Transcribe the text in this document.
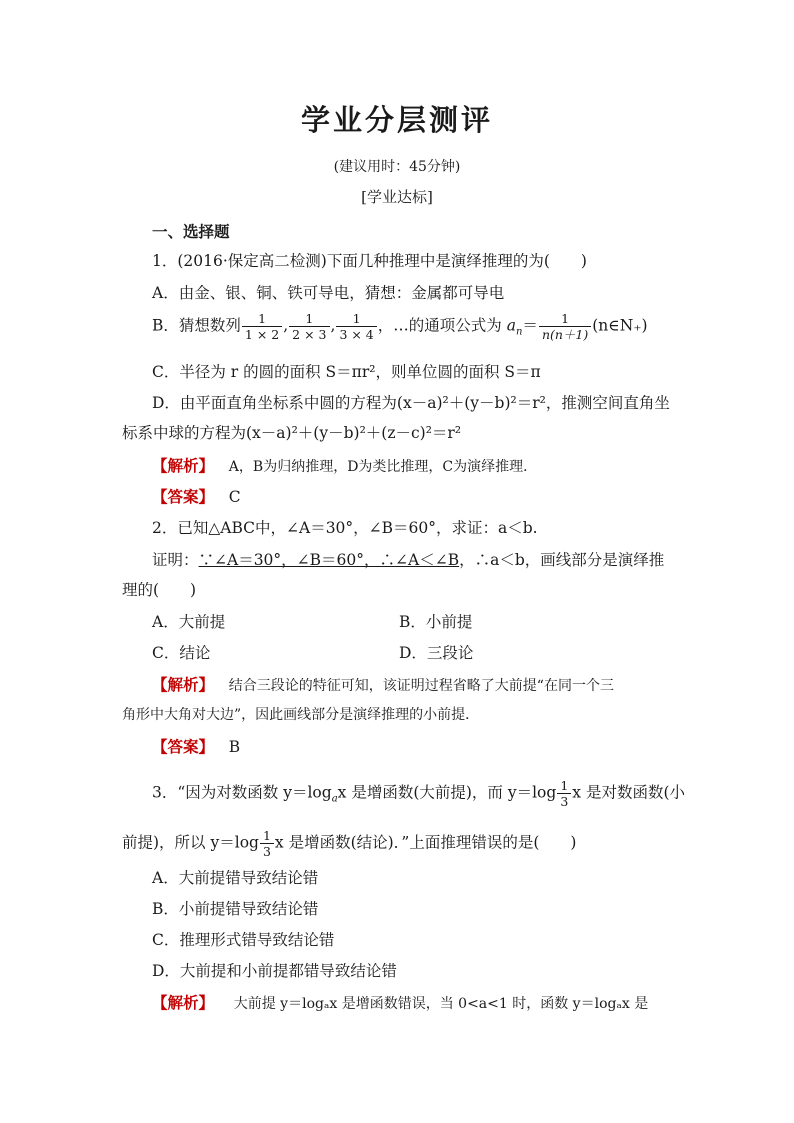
学业分层测评
(建议用时：45分钟)
[学业达标]
一、选择题
1．(2016·保定高二检测)下面几种推理中是演绎推理的为(　　)
A．由金、银、铜、铁可导电，猜想：金属都可导电
B．猜想数列 $\frac{1}{1 \times 2}$ , $\frac{1}{2 \times 3}$ , $\frac{1}{3 \times 4}$ ，…的通项公式为 $a_n= \frac{1}{n(n+1)}$ (n∈N₊)
C．半径为 r 的圆的面积 S＝πr²，则单位圆的面积 S＝π
D．由平面直角坐标系中圆的方程为(x－a)²＋(y－b)²＝r²，推测空间直角坐
标系中球的方程为(x－a)²＋(y－b)²＋(z－c)²＝r²
【解析】 A，B为归纳推理，D为类比推理，C为演绎推理．
【答案】 C
2．已知△ABC中，∠A＝30°，∠B＝60°，求证：a＜b.
证明：∵∠A＝30°，∠B＝60°，∴∠A＜∠B，∴a＜b，画线部分是演绎推
理的(　　)
A．大前提	B．小前提
C．结论	D．三段论
【解析】 结合三段论的特征可知，该证明过程省略了大前提“在同一个三
角形中大角对大边”，因此画线部分是演绎推理的小前提．
【答案】 B
3．“因为对数函数 $y=\log_ax$ 是增函数(大前提)，而 $y=\log \frac{1}{3}$ x 是对数函数(小
前提)，所以 $y=\log \frac{1}{3}$ x 是增函数(结论)．”上面推理错误的是(　　)
A．大前提错导致结论错
B．小前提错导致结论错
C．推理形式错导致结论错
D．大前提和小前提都错导致结论错
【解析】 大前提 y＝logₐx 是增函数错误，当 0<a<1 时，函数 y＝logₐx 是
